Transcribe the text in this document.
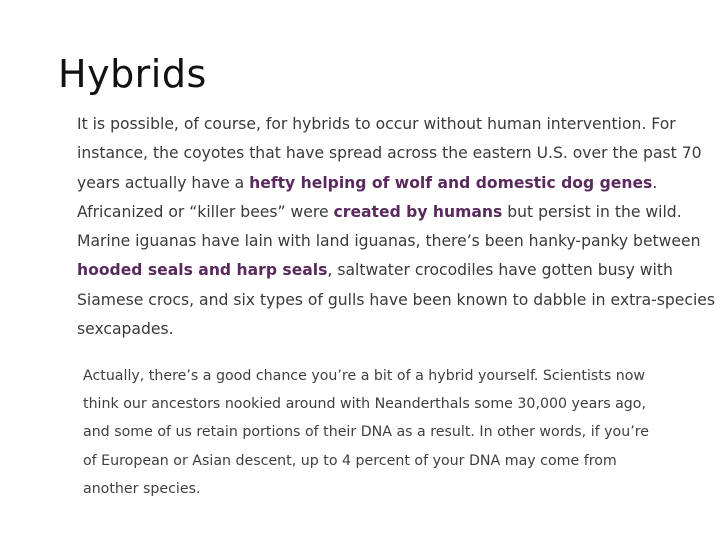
Hybrids

It is possible, of course, for hybrids to occur without human intervention. For
instance, the coyotes that have spread across the eastern U.S. over the past 70
years actually have a hefty helping of wolf and domestic dog genes.
Africanized or “killer bees” were created by humans but persist in the wild.
Marine iguanas have lain with land iguanas, there’s been hanky-panky between
hooded seals and harp seals, saltwater crocodiles have gotten busy with
Siamese crocs, and six types of gulls have been known to dabble in extra-species
sexcapades.

Actually, there’s a good chance you’re a bit of a hybrid yourself. Scientists now
think our ancestors nookied around with Neanderthals some 30,000 years ago,
and some of us retain portions of their DNA as a result. In other words, if you’re
of European or Asian descent, up to 4 percent of your DNA may come from
another species.
